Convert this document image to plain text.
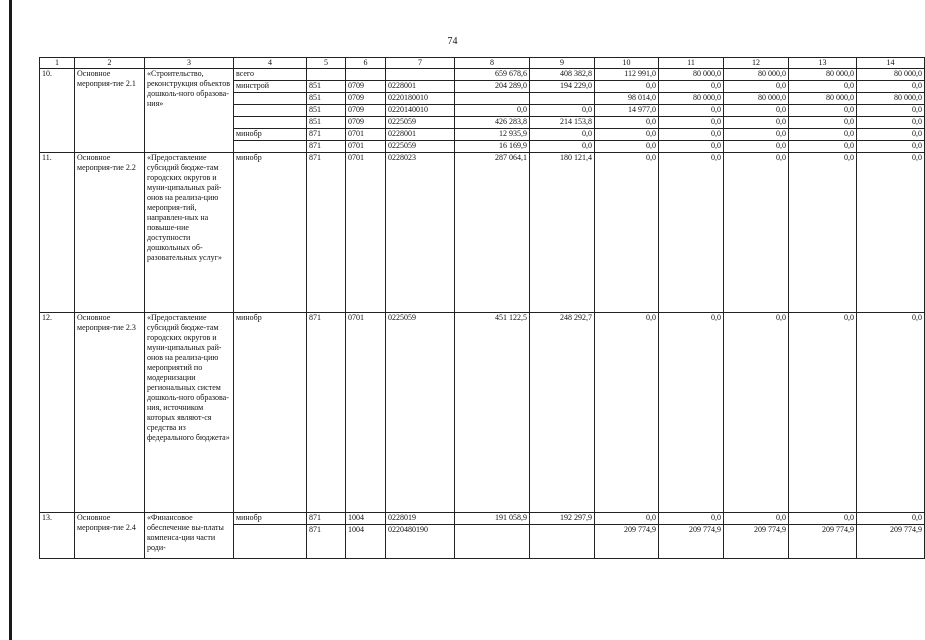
74
1	2	3	4	5	6	7	8	9	10	11	12	13	14
10.	Основное мероприя-тие 2.1	«Строительство, реконструкция объектов дошколь-ного образова-ния»	всего				659 678,6	408 382,8	112 991,0	80 000,0	80 000,0	80 000,0	80 000,0
			минстрой	851	0709	0228001	204 289,0	194 229,0	0,0	0,0	0,0	0,0	0,0
				851	0709	0220180010			98 014,0	80 000,0	80 000,0	80 000,0	80 000,0
				851	0709	0220140010	0,0	0,0	14 977,0	0,0	0,0	0,0	0,0
				851	0709	0225059	426 283,8	214 153,8	0,0	0,0	0,0	0,0	0,0
			минобр	871	0701	0228001	12 935,9	0,0	0,0	0,0	0,0	0,0	0,0
				871	0701	0225059	16 169,9	0,0	0,0	0,0	0,0	0,0	0,0
11.	Основное мероприя-тие 2.2	«Предоставление субсидий бюдже-там городских округов и муни-ципальных рай-онов на реализа-цию мероприя-тий, направлен-ных на повыше-ние доступности дошкольных об-разовательных услуг»	минобр	871	0701	0228023	287 064,1	180 121,4	0,0	0,0	0,0	0,0	0,0
12.	Основное мероприя-тие 2.3	«Предоставление субсидий бюдже-там городских округов и муни-ципальных рай-онов на реализа-цию мероприятий по модернизации региональных систем дошколь-ного образова-ния, источником которых являют-ся средства из федерального бюджета»	минобр	871	0701	0225059	451 122,5	248 292,7	0,0	0,0	0,0	0,0	0,0
13.	Основное мероприя-тие 2.4	«Финансовое обеспечение вы-платы компенса-ции части роди-	минобр	871	1004	0228019	191 058,9	192 297,9	0,0	0,0	0,0	0,0	0,0
				871	1004	0220480190			209 774,9	209 774,9	209 774,9	209 774,9	209 774,9
